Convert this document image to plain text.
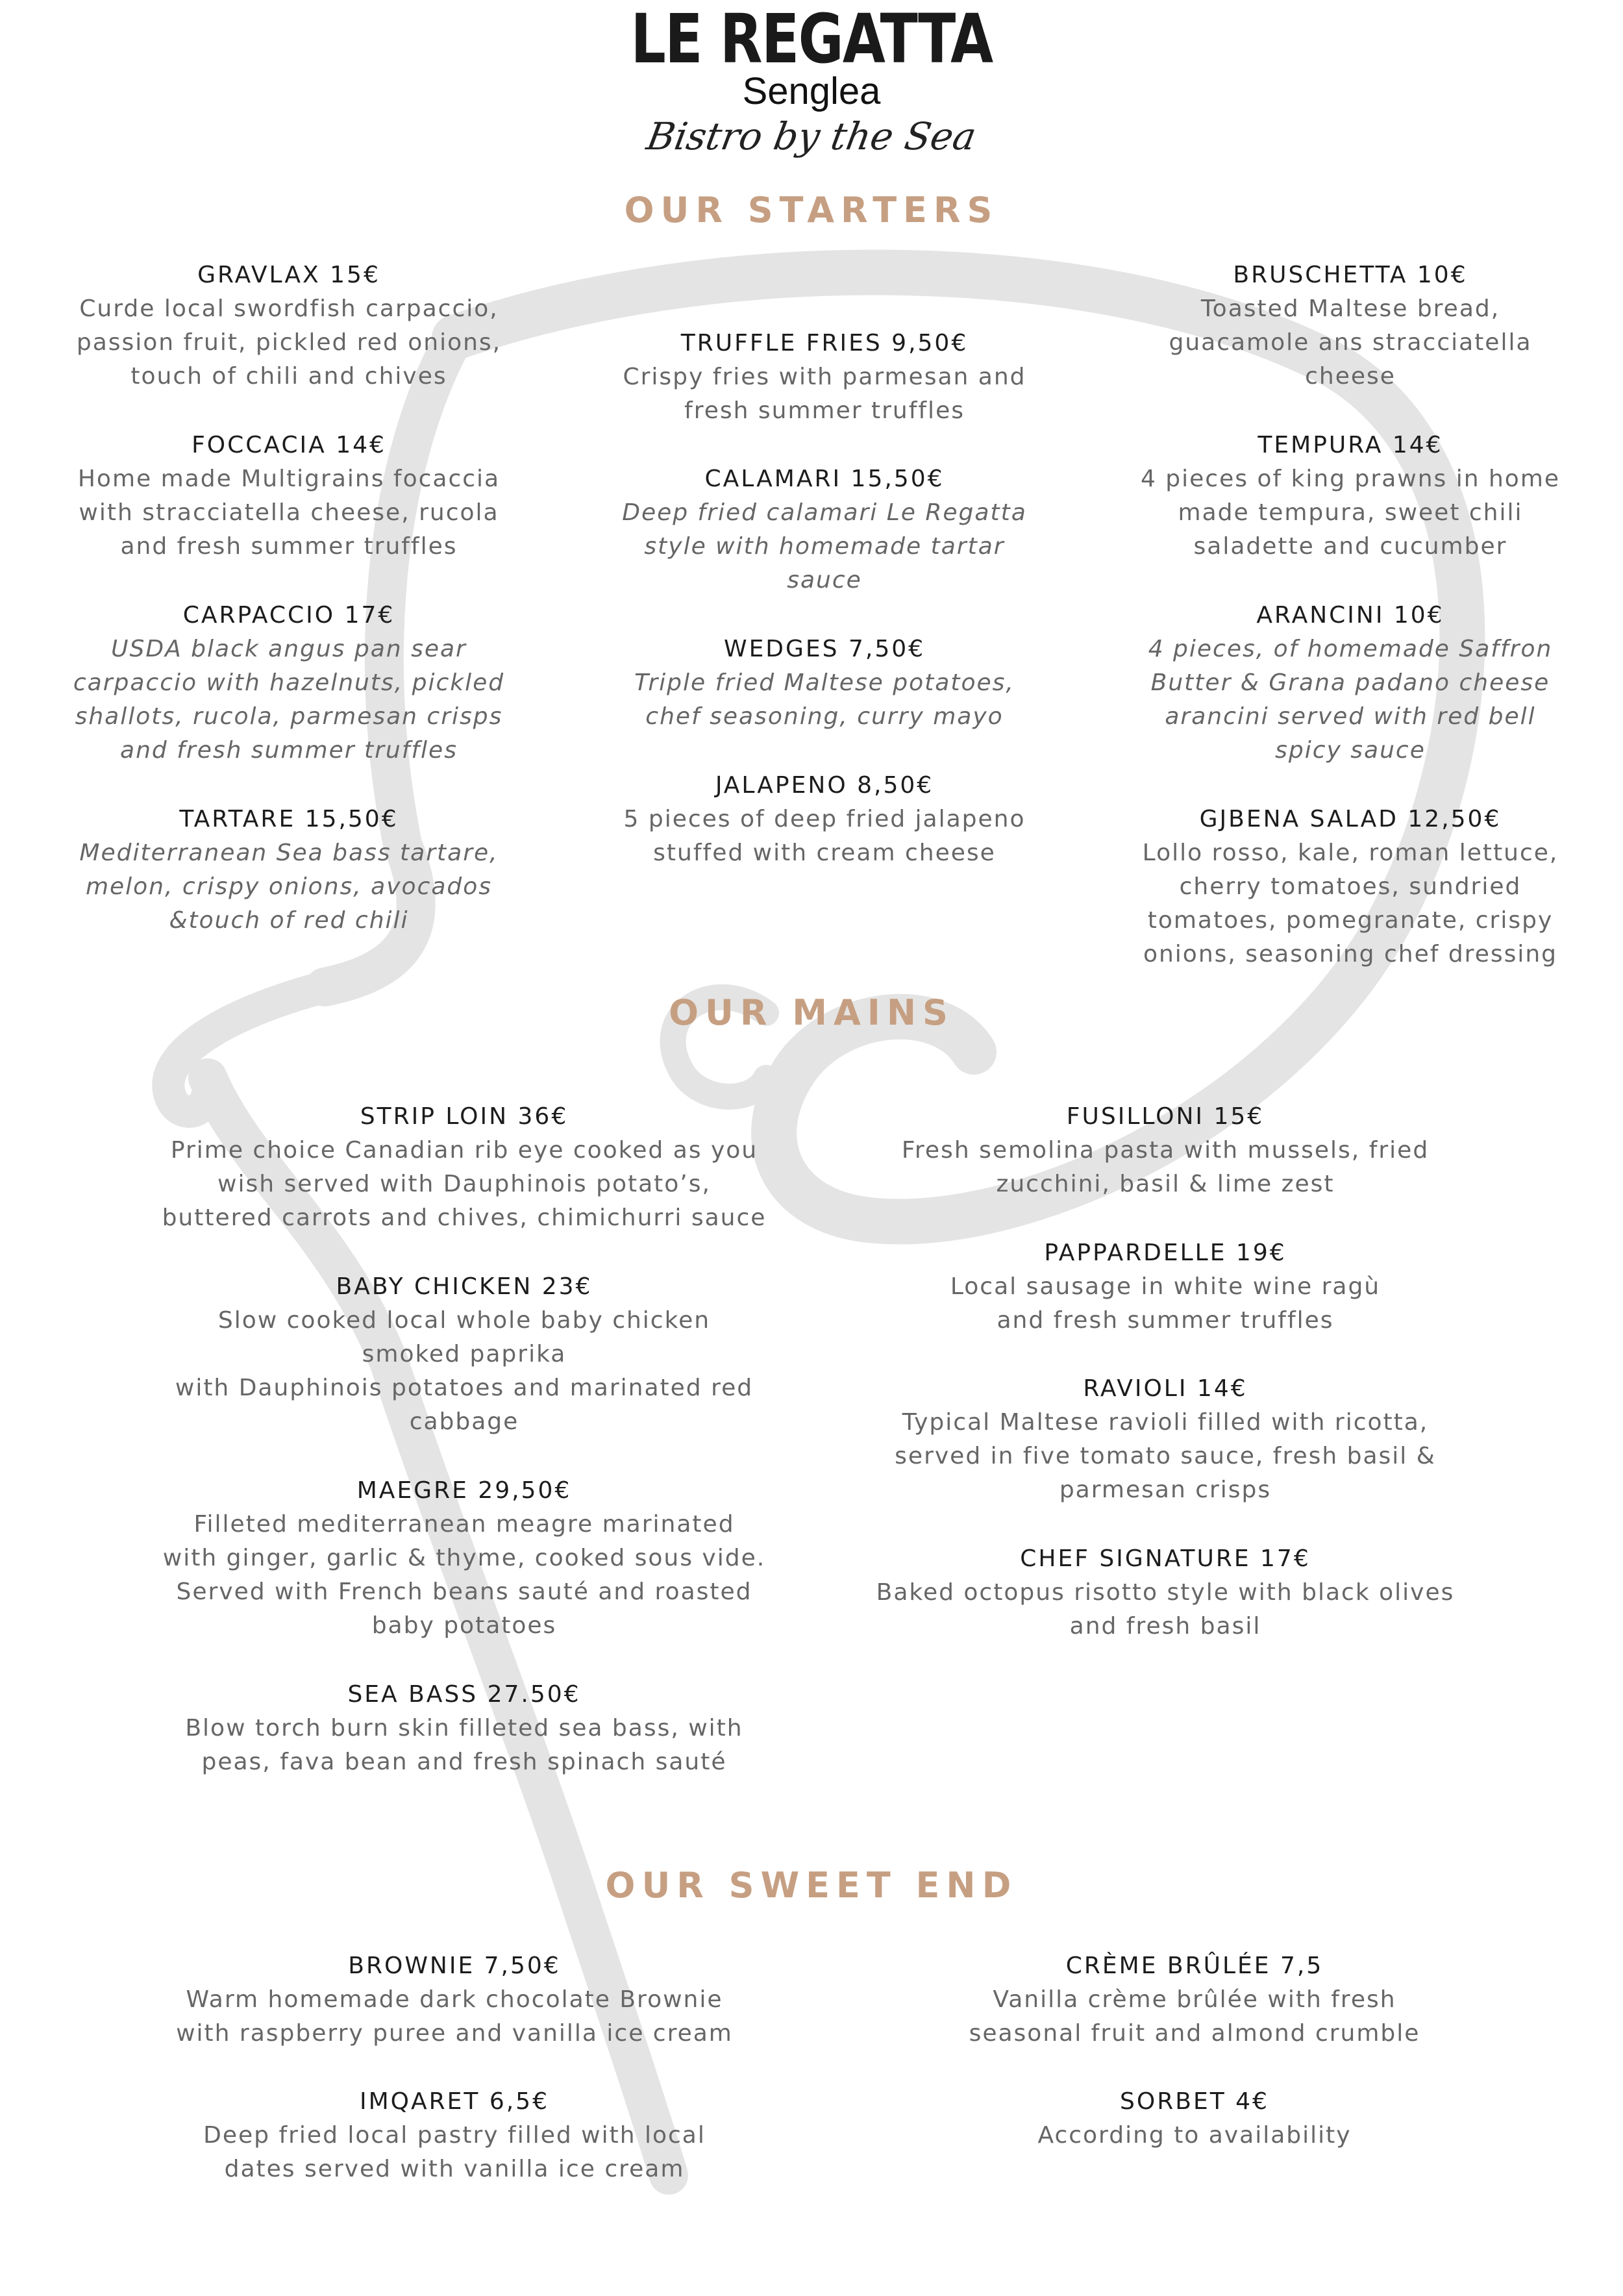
LE REGATTA
Senglea
Bistro by the Sea
OUR STARTERS
GRAVLAX 15€
Curde local swordfish carpaccio,
passion fruit, pickled red onions,
touch of chili and chives
FOCCACIA 14€
Home made Multigrains focaccia
with stracciatella cheese, rucola
and fresh summer truffles
CARPACCIO 17€
USDA black angus pan sear
carpaccio with hazelnuts, pickled
shallots, rucola, parmesan crisps
and fresh summer truffles
TARTARE 15,50€
Mediterranean Sea bass tartare,
melon, crispy onions, avocados
&touch of red chili
TRUFFLE FRIES 9,50€
Crispy fries with parmesan and
fresh summer truffles
CALAMARI 15,50€
Deep fried calamari Le Regatta
style with homemade tartar
sauce
WEDGES 7,50€
Triple fried Maltese potatoes,
chef seasoning, curry mayo
JALAPENO 8,50€
5 pieces of deep fried jalapeno
stuffed with cream cheese
BRUSCHETTA 10€
Toasted Maltese bread,
guacamole ans stracciatella
cheese
TEMPURA 14€
4 pieces of king prawns in home
made tempura, sweet chili
saladette and cucumber
ARANCINI 10€
4 pieces, of homemade Saffron
Butter & Grana padano cheese
arancini served with red bell
spicy sauce
GJBENA SALAD 12,50€
Lollo rosso, kale, roman lettuce,
cherry tomatoes, sundried
tomatoes, pomegranate, crispy
onions, seasoning chef dressing
OUR MAINS
STRIP LOIN 36€
Prime choice Canadian rib eye cooked as you
wish served with Dauphinois potato’s,
buttered carrots and chives, chimichurri sauce
BABY CHICKEN 23€
Slow cooked local whole baby chicken
smoked paprika
with Dauphinois potatoes and marinated red
cabbage
MAEGRE 29,50€
Filleted mediterranean meagre marinated
with ginger, garlic & thyme, cooked sous vide.
Served with French beans sauté and roasted
baby potatoes
SEA BASS 27.50€
Blow torch burn skin filleted sea bass, with
peas, fava bean and fresh spinach sauté
FUSILLONI 15€
Fresh semolina pasta with mussels, fried
zucchini, basil & lime zest
PAPPARDELLE 19€
Local sausage in white wine ragù
and fresh summer truffles
RAVIOLI 14€
Typical Maltese ravioli filled with ricotta,
served in five tomato sauce, fresh basil &
parmesan crisps
CHEF SIGNATURE 17€
Baked octopus risotto style with black olives
and fresh basil
OUR SWEET END
BROWNIE 7,50€
Warm homemade dark chocolate Brownie
with raspberry puree and vanilla ice cream
IMQARET 6,5€
Deep fried local pastry filled with local
dates served with vanilla ice cream
CRÈME BRÛLÉE 7,5
Vanilla crème brûlée with fresh
seasonal fruit and almond crumble
SORBET 4€
According to availability
